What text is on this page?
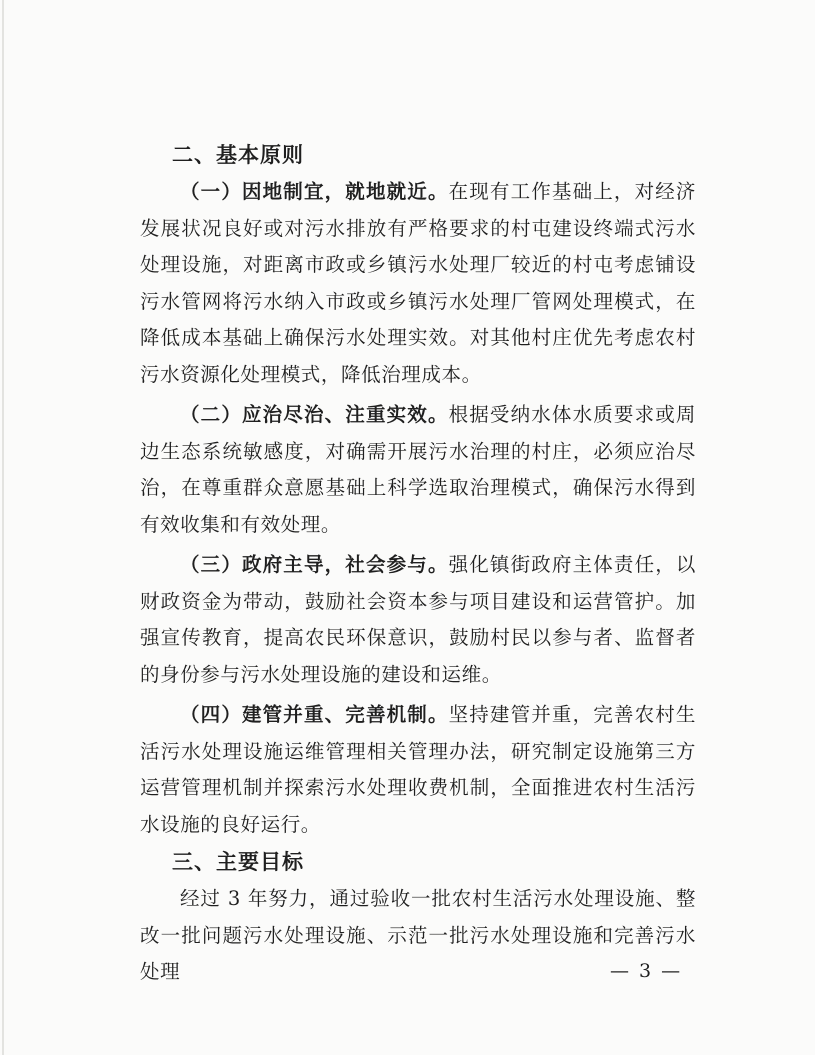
二、基本原则

（一）因地制宜，就地就近。在现有工作基础上，对经济发展状况良好或对污水排放有严格要求的村屯建设终端式污水处理设施，对距离市政或乡镇污水处理厂较近的村屯考虑铺设污水管网将污水纳入市政或乡镇污水处理厂管网处理模式，在降低成本基础上确保污水处理实效。对其他村庄优先考虑农村污水资源化处理模式，降低治理成本。

（二）应治尽治、注重实效。根据受纳水体水质要求或周边生态系统敏感度，对确需开展污水治理的村庄，必须应治尽治，在尊重群众意愿基础上科学选取治理模式，确保污水得到有效收集和有效处理。

（三）政府主导，社会参与。强化镇街政府主体责任，以财政资金为带动，鼓励社会资本参与项目建设和运营管护。加强宣传教育，提高农民环保意识，鼓励村民以参与者、监督者的身份参与污水处理设施的建设和运维。

（四）建管并重、完善机制。坚持建管并重，完善农村生活污水处理设施运维管理相关管理办法，研究制定设施第三方运营管理机制并探索污水处理收费机制，全面推进农村生活污水设施的良好运行。

三、主要目标

经过 3 年努力，通过验收一批农村生活污水处理设施、整改一批问题污水处理设施、示范一批污水处理设施和完善污水处理	— 3 —
